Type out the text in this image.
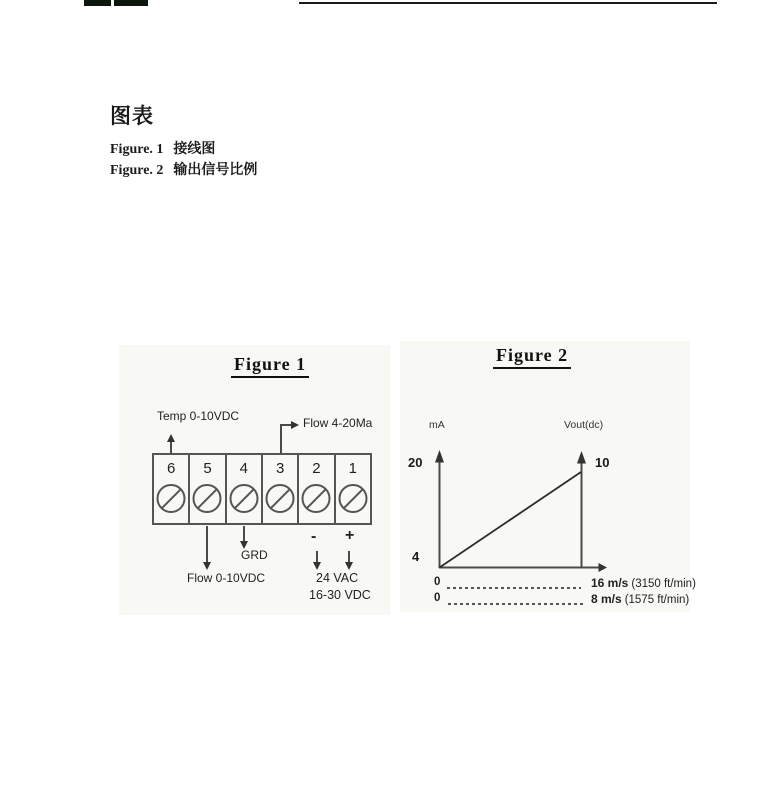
图表
Figure. 1 接线图
Figure. 2 输出信号比例
Figure 1
Temp 0-10VDC	Flow 4-20Ma
6	5	4	3	2	1
Flow 0-10VDC
GRD
- +
24 VAC
16-30 VDC
Figure 2
mA	Vout(dc)
20	10
4
0	16 m/s (3150 ft/min)
0	8 m/s (1575 ft/min)
